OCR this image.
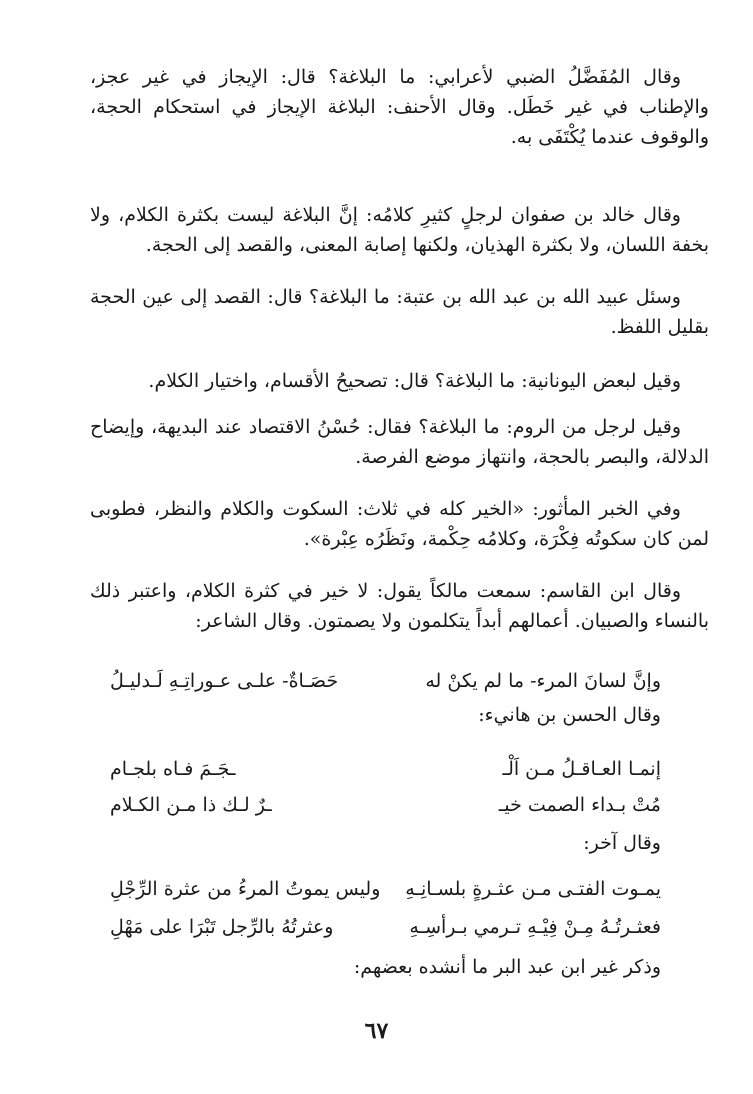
وقال المُفَضَّلُ الضبي لأعرابي: ما البلاغة؟ قال: الإيجاز في غير عجز، والإطناب في غير خَطَل. وقال الأحنف: البلاغة الإيجاز في استحكام الحجة، والوقوف عندما يُكْتَفَى به.

وقال خالد بن صفوان لرجلٍ كثيرِ كلامُه: إنَّ البلاغة ليست بكثرة الكلام، ولا بخفة اللسان، ولا بكثرة الهذيان، ولكنها إصابة المعنى، والقصد إلى الحجة.

وسئل عبيد الله بن عبد الله بن عتبة: ما البلاغة؟ قال: القصد إلى عين الحجة بقليل اللفظ.

وقيل لبعض اليونانية: ما البلاغة؟ قال: تصحيحُ الأقسام، واختيار الكلام.

وقيل لرجل من الروم: ما البلاغة؟ فقال: حُسْنُ الاقتصاد عند البديهة، وإيضاح الدلالة، والبصر بالحجة، وانتهاز موضع الفرصة.

وفي الخبر المأثور: «الخير كله في ثلاث: السكوت والكلام والنظر، فطوبى لمن كان سكوتُه فِكْرَة، وكلامُه حِكْمة، ونَظَرُه عِبْرة».

وقال ابن القاسم: سمعت مالكاً يقول: لا خير في كثرة الكلام، واعتبر ذلك بالنساء والصبيان. أعمالهم أبداً يتكلمون ولا يصمتون. وقال الشاعر:

وإنَّ لسانَ المرء- ما لم يكنْ له
حَصَـاةٌ- علـى عـوراتِـهِ لَـدليـلُ
وقال الحسن بن هانيء:
إنمـا العـاقـلُ مـن اَلْـ
ـجَـمَ فـاه بلجـام
مُتْ بـداء الصمت خيـ
ـرٌ لـك ذا مـن الكـلام
وقال آخر:
يمـوت الفتـى مـن عثـرةٍ بلسـانِـهِ
وليس يموتُ المرءُ من عثرة الرِّجْلِ
فعثـرتُـهُ مِـنْ فِيْـهِ تـرمي بـرأسِـهِ
وعثرتُهُ بالرِّجل تَبْرَا على مَهْلِ
وذكر غير ابن عبد البر ما أنشده بعضهم:
٦٧
